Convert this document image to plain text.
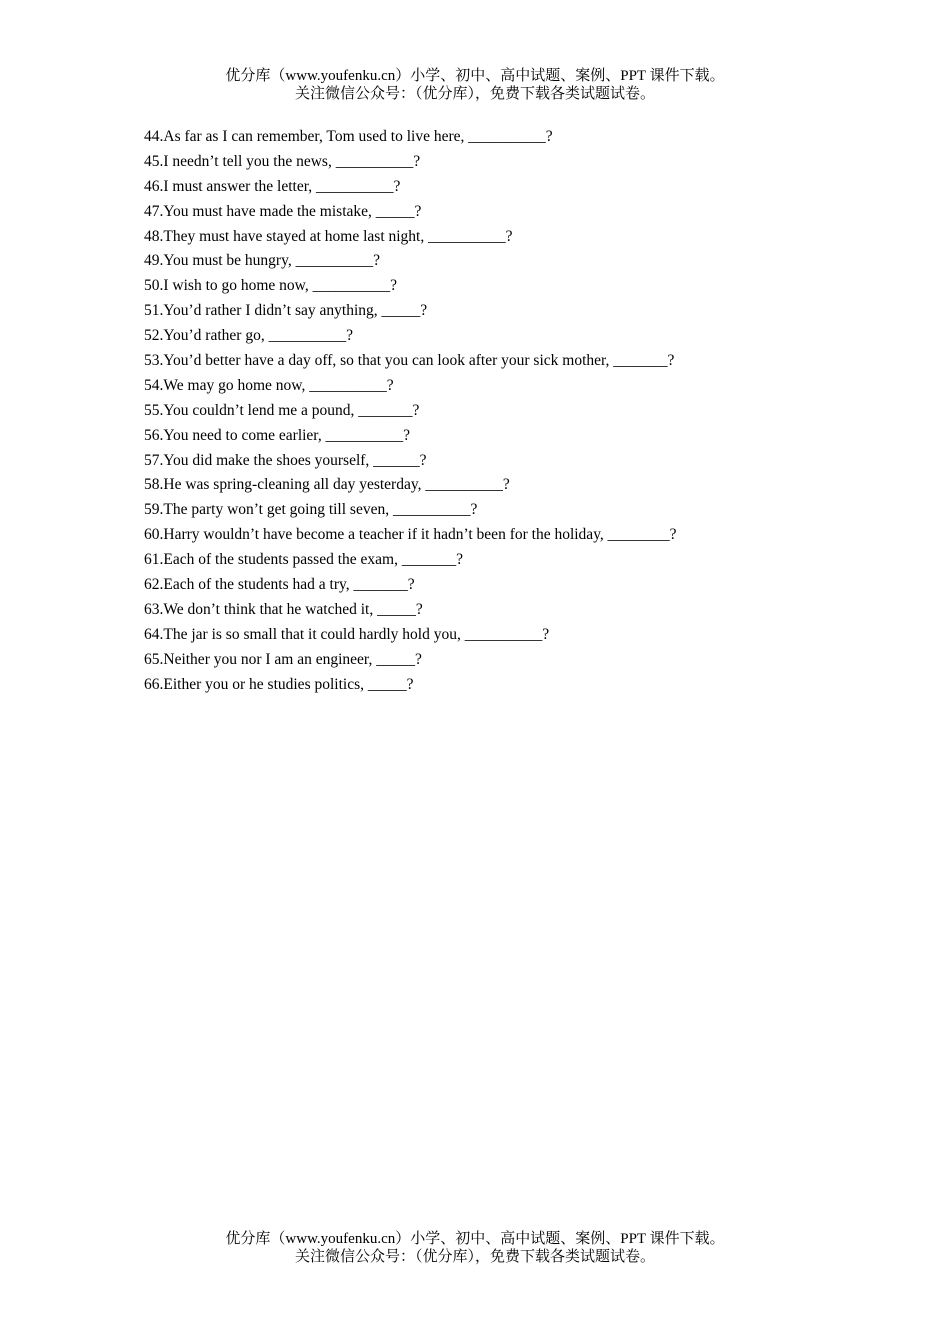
优分库（www.youfenku.cn）小学、初中、高中试题、案例、PPT 课件下载。
关注微信公众号：（优分库），免费下载各类试题试卷。
44.As far as I can remember, Tom used to live here, __________?
45.I needn’t tell you the news, __________?
46.I must answer the letter, __________?
47.You must have made the mistake, _____?
48.They must have stayed at home last night, __________?
49.You must be hungry, __________?
50.I wish to go home now, __________?
51.You’d rather I didn’t say anything, _____?
52.You’d rather go, __________?
53.You’d better have a day off, so that you can look after your sick mother, _______?
54.We may go home now, __________?
55.You couldn’t lend me a pound, _______?
56.You need to come earlier, __________?
57.You did make the shoes yourself, ______?
58.He was spring-cleaning all day yesterday, __________?
59.The party won’t get going till seven, __________?
60.Harry wouldn’t have become a teacher if it hadn’t been for the holiday, ________?
61.Each of the students passed the exam, _______?
62.Each of the students had a try, _______?
63.We don’t think that he watched it, _____?
64.The jar is so small that it could hardly hold you, __________?
65.Neither you nor I am an engineer, _____?
66.Either you or he studies politics, _____?
优分库（www.youfenku.cn）小学、初中、高中试题、案例、PPT 课件下载。
关注微信公众号：（优分库），免费下载各类试题试卷。
